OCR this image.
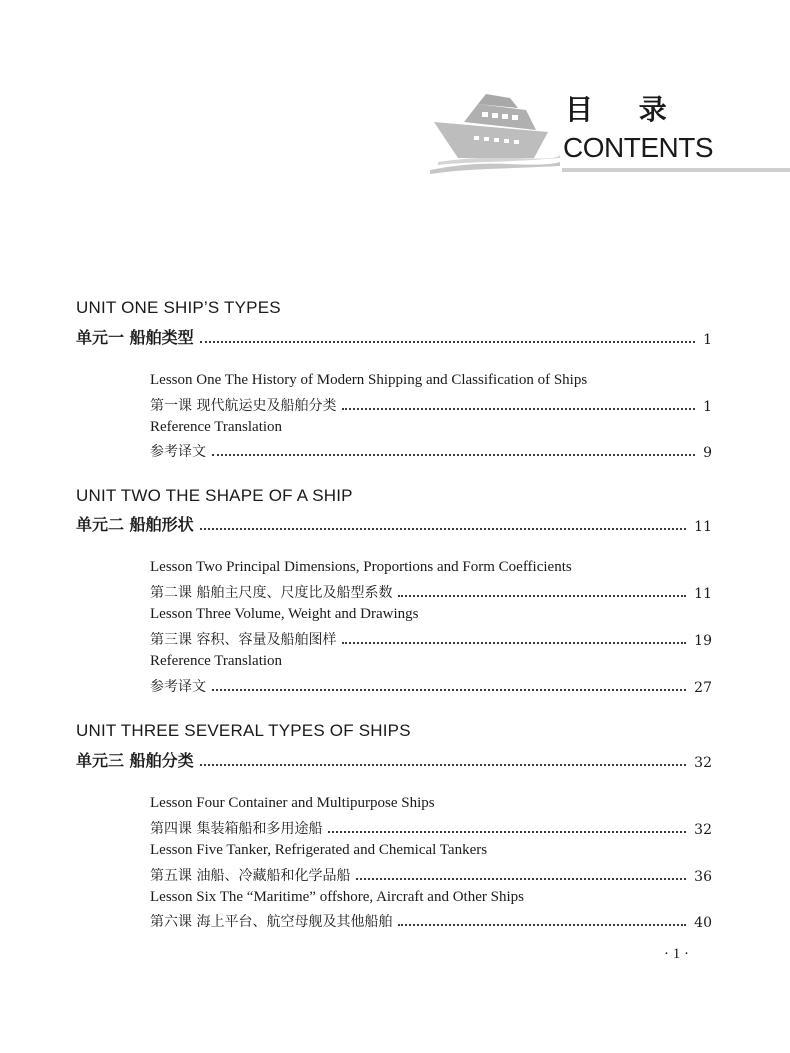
目 录
CONTENTS
UNIT ONE SHIP’S TYPES
单元一 船舶类型	1
Lesson One The History of Modern Shipping and Classification of Ships
第一课 现代航运史及船舶分类	1
Reference Translation
参考译文	9
UNIT TWO THE SHAPE OF A SHIP
单元二 船舶形状	11
Lesson Two Principal Dimensions, Proportions and Form Coefficients
第二课 船舶主尺度、尺度比及船型系数	11
Lesson Three Volume, Weight and Drawings
第三课 容积、容量及船舶图样	19
Reference Translation
参考译文	27
UNIT THREE SEVERAL TYPES OF SHIPS
单元三 船舶分类	32
Lesson Four Container and Multipurpose Ships
第四课 集装箱船和多用途船	32
Lesson Five Tanker, Refrigerated and Chemical Tankers
第五课 油船、冷藏船和化学品船	36
Lesson Six The “Maritime” offshore, Aircraft and Other Ships
第六课 海上平台、航空母舰及其他船舶	40
· 1 ·
